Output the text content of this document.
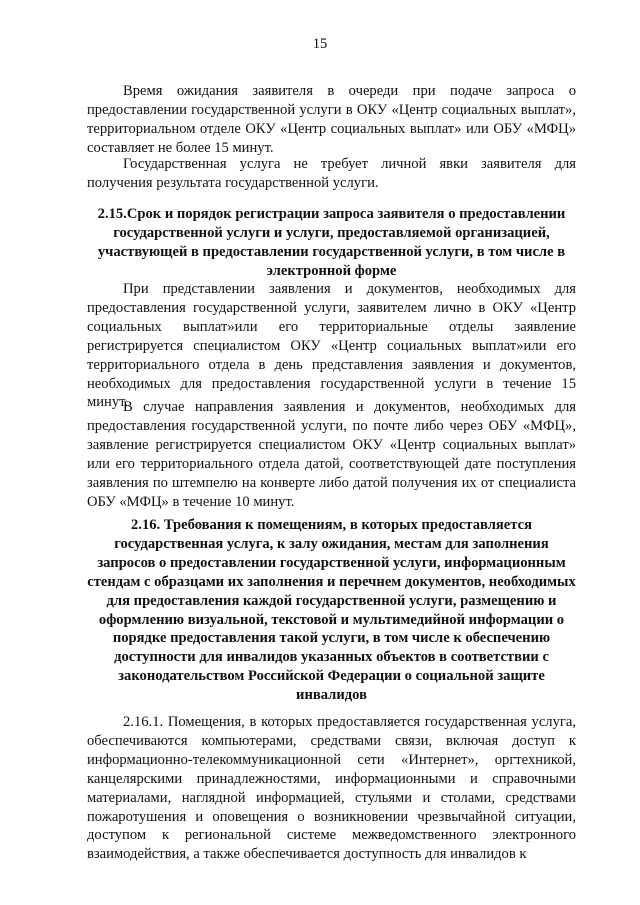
15

Время ожидания заявителя в очереди при подаче запроса о предоставлении государственной услуги в ОКУ «Центр социальных выплат», территориальном отделе ОКУ «Центр социальных выплат» или ОБУ «МФЦ» составляет не более 15 минут.

Государственная услуга не требует личной явки заявителя для получения результата государственной услуги.

2.15.Срок и порядок регистрации запроса заявителя о предоставлении государственной услуги и услуги, предоставляемой организацией, участвующей в предоставлении государственной услуги, в том числе в электронной форме

При представлении заявления и документов, необходимых для предоставления государственной услуги, заявителем лично в ОКУ «Центр социальных выплат»или его территориальные отделы заявление регистрируется специалистом ОКУ «Центр социальных выплат»или его территориального отдела в день представления заявления и документов, необходимых для предоставления государственной услуги в течение 15 минут.

В случае направления заявления и документов, необходимых для предоставления государственной услуги, по почте либо через ОБУ «МФЦ», заявление регистрируется специалистом ОКУ «Центр социальных выплат» или его территориального отдела датой, соответствующей дате поступления заявления по штемпелю на конверте либо датой получения их от специалиста ОБУ «МФЦ» в течение 10 минут.

2.16. Требования к помещениям, в которых предоставляется государственная услуга, к залу ожидания, местам для заполнения запросов о предоставлении государственной услуги, информационным стендам с образцами их заполнения и перечнем документов, необходимых для предоставления каждой государственной услуги, размещению и оформлению визуальной, текстовой и мультимедийной информации о порядке предоставления такой услуги, в том числе к обеспечению доступности для инвалидов указанных объектов в соответствии с законодательством Российской Федерации о социальной защите инвалидов

2.16.1. Помещения, в которых предоставляется государственная услуга, обеспечиваются компьютерами, средствами связи, включая доступ к информационно-телекоммуникационной сети «Интернет», оргтехникой, канцелярскими принадлежностями, информационными и справочными материалами, наглядной информацией, стульями и столами, средствами пожаротушения и оповещения о возникновении чрезвычайной ситуации, доступом к региональной системе межведомственного электронного взаимодействия, а также обеспечивается доступность для инвалидов к
